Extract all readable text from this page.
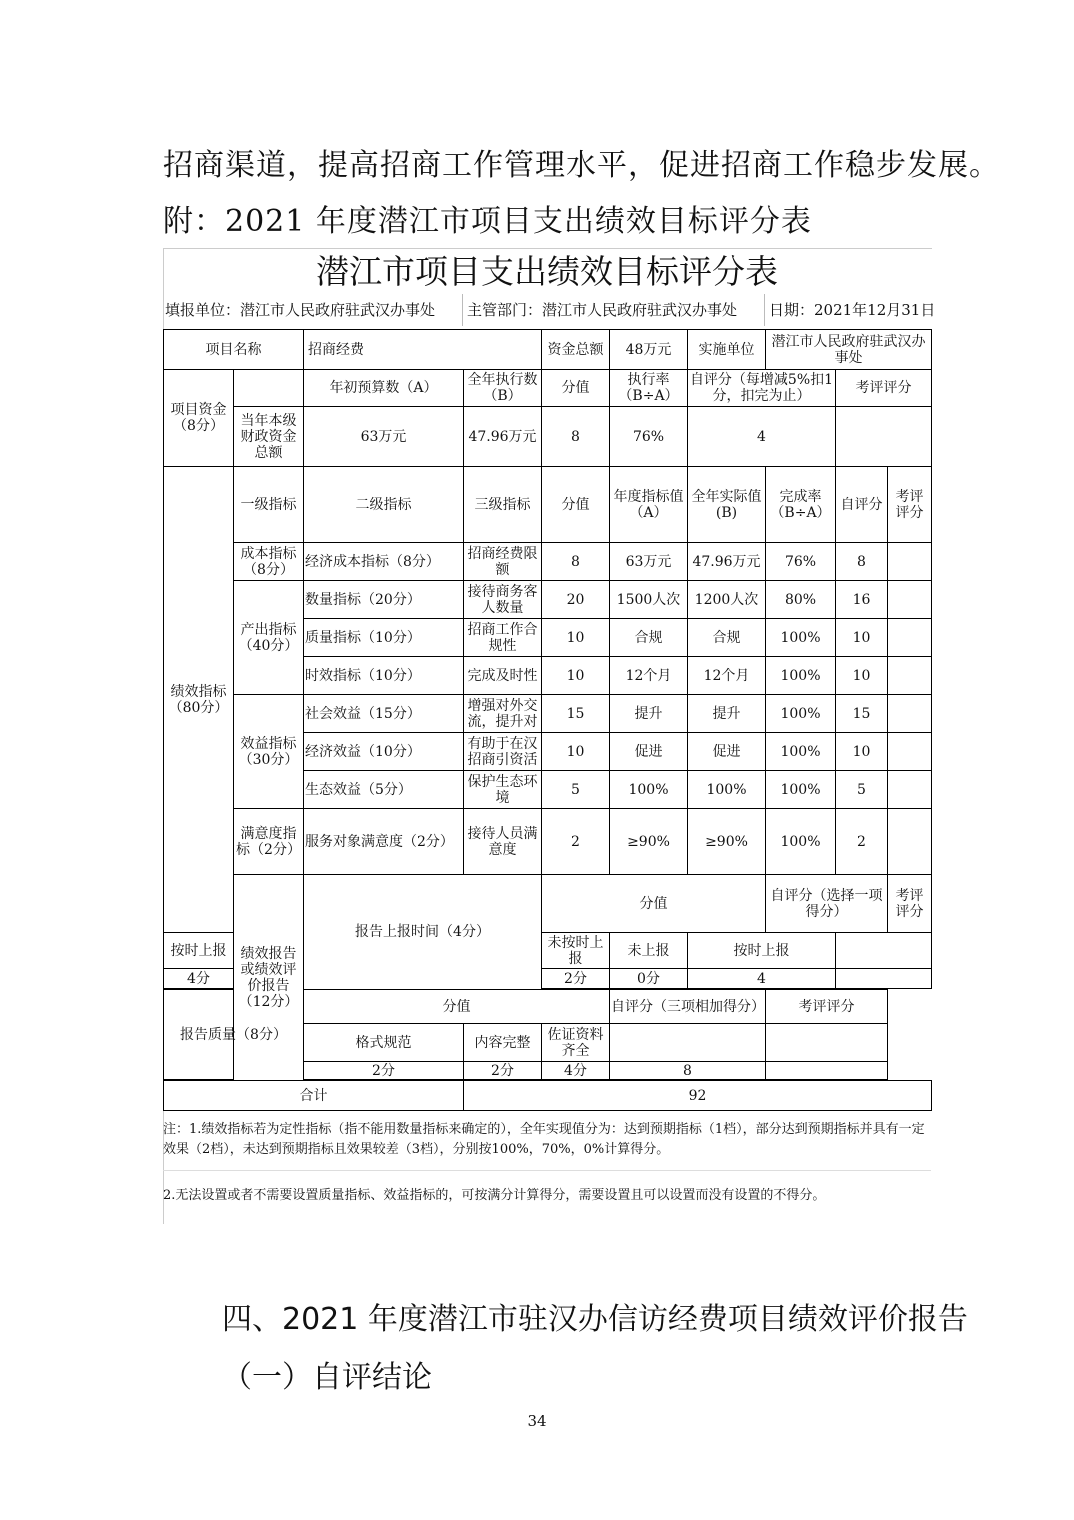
招商渠道，提高招商工作管理水平，促进招商工作稳步发展。
附：2021 年度潜江市项目支出绩效目标评分表
潜江市项目支出绩效目标评分表
填报单位：潜江市人民政府驻武汉办事处 主管部门：潜江市人民政府驻武汉办事处 日期：2021年12月31日
项目名称		招商经费		资金总额	48万元	实施单位	潜江市人民政府驻武汉办事处			
项目资金（8分）		年初预算数（A）	全年执行数（B）	分值	执行率（B÷A）	自评分（每增减5%扣1分，扣完为止）		考评评分		
	当年本级财政资金总额	63万元	47.96万元	8	76%	4				
绩效指标（80分）	一级指标	二级指标	三级指标	分值	年度指标值（A）	全年实际值(B)	完成率（B÷A）	自评分	考评评分	
	成本指标（8分）	经济成本指标（8分）	招商经费限额	8	63万元	47.96万元	76%	8		
	产出指标（40分）	数量指标（20分）	接待商务客人数量	20	1500人次	1200人次	80%	16		
		质量指标（10分）	招商工作合规性	10	合规	合规	100%	10		
		时效指标（10分）	完成及时性	10	12个月	12个月	100%	10		
	效益指标（30分）	社会效益（15分）	增强对外交流，提升对	15	提升	提升	100%	15		
		经济效益（10分）	有助于在汉招商引资活	10	促进	促进	100%	10		
		生态效益（5分）	保护生态环境	5	100%	100%	100%	5		
	满意度指标（2分）	服务对象满意度（2分）	接待人员满意度	2	≥90%	≥90%	100%	2		
	绩效报告或绩效评价报告（12分）	报告上报时间（4分）		分值			自评分（选择一项得分）		考评评分	
按时上报				未按时上报	未上报	按时上报				
4分				2分	0分	4				

报告质量（8分）		分值			自评分（三项相加得分）		考评评分			
		格式规范	内容完整	佐证资料齐全						
		2分	2分	4分	8					

合计			92							
注：1.绩效指标若为定性指标（指不能用数量指标来确定的），全年实现值分为：达到预期指标（1档），部分达到预期指标并具有一定效果（2档），未达到预期指标且效果较差（3档），分别按100%，70%，0%计算得分。
2.无法设置或者不需要设置质量指标、效益指标的，可按满分计算得分，需要设置且可以设置而没有设置的不得分。
四、2021 年度潜江市驻汉办信访经费项目绩效评价报告
（一）自评结论
34
